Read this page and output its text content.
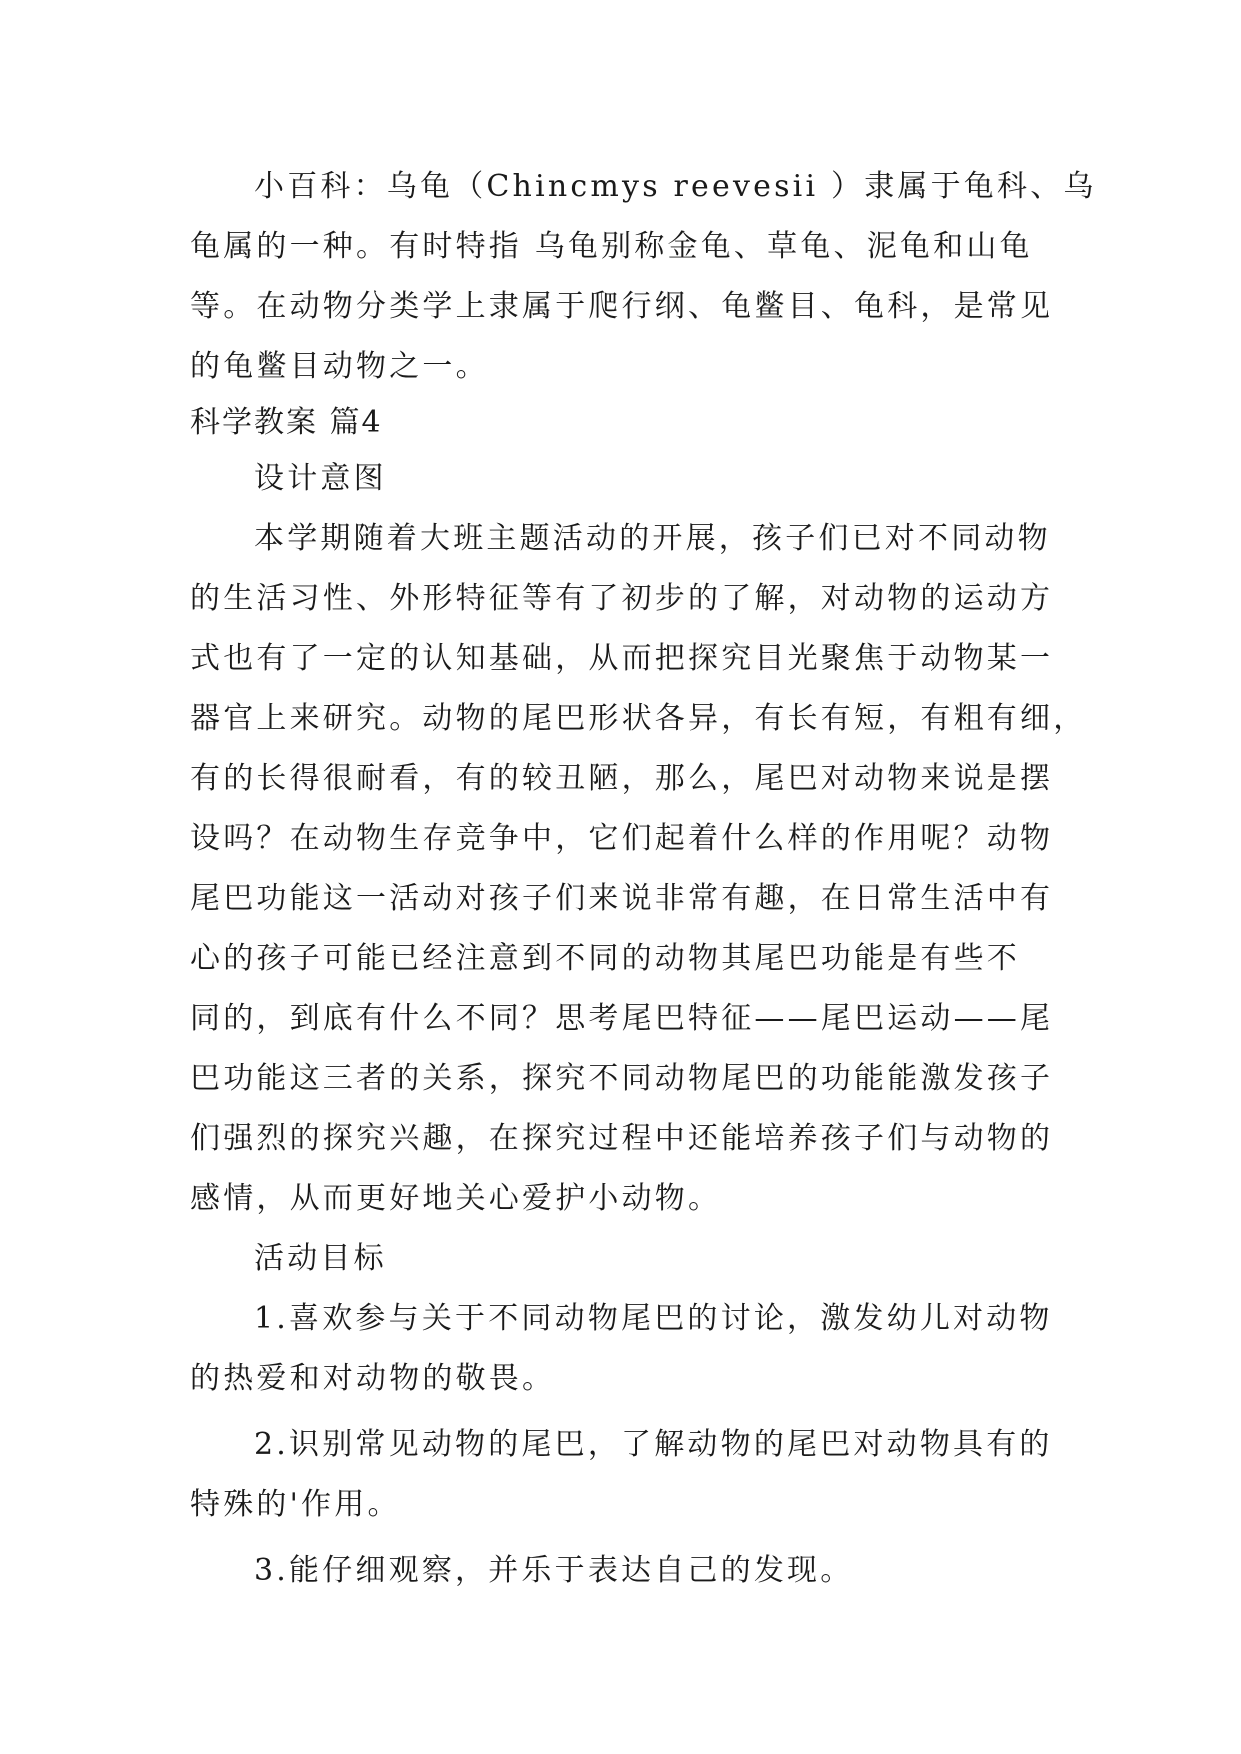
小百科：乌龟（Chincmys reevesii ）隶属于龟科、乌
龟属的一种。有时特指 乌龟别称金龟、草龟、泥龟和山龟
等。在动物分类学上隶属于爬行纲、龟鳖目、龟科，是常见
的龟鳖目动物之一。
科学教案 篇4
设计意图
本学期随着大班主题活动的开展，孩子们已对不同动物
的生活习性、外形特征等有了初步的了解，对动物的运动方
式也有了一定的认知基础，从而把探究目光聚焦于动物某一
器官上来研究。动物的尾巴形状各异，有长有短，有粗有细，
有的长得很耐看，有的较丑陋，那么，尾巴对动物来说是摆
设吗？在动物生存竞争中，它们起着什么样的作用呢？动物
尾巴功能这一活动对孩子们来说非常有趣，在日常生活中有
心的孩子可能已经注意到不同的动物其尾巴功能是有些不
同的，到底有什么不同？思考尾巴特征——尾巴运动——尾
巴功能这三者的关系，探究不同动物尾巴的功能能激发孩子
们强烈的探究兴趣，在探究过程中还能培养孩子们与动物的
感情，从而更好地关心爱护小动物。
活动目标
1.喜欢参与关于不同动物尾巴的讨论，激发幼儿对动物
的热爱和对动物的敬畏。
2.识别常见动物的尾巴，了解动物的尾巴对动物具有的
特殊的'作用。
3.能仔细观察，并乐于表达自己的发现。
